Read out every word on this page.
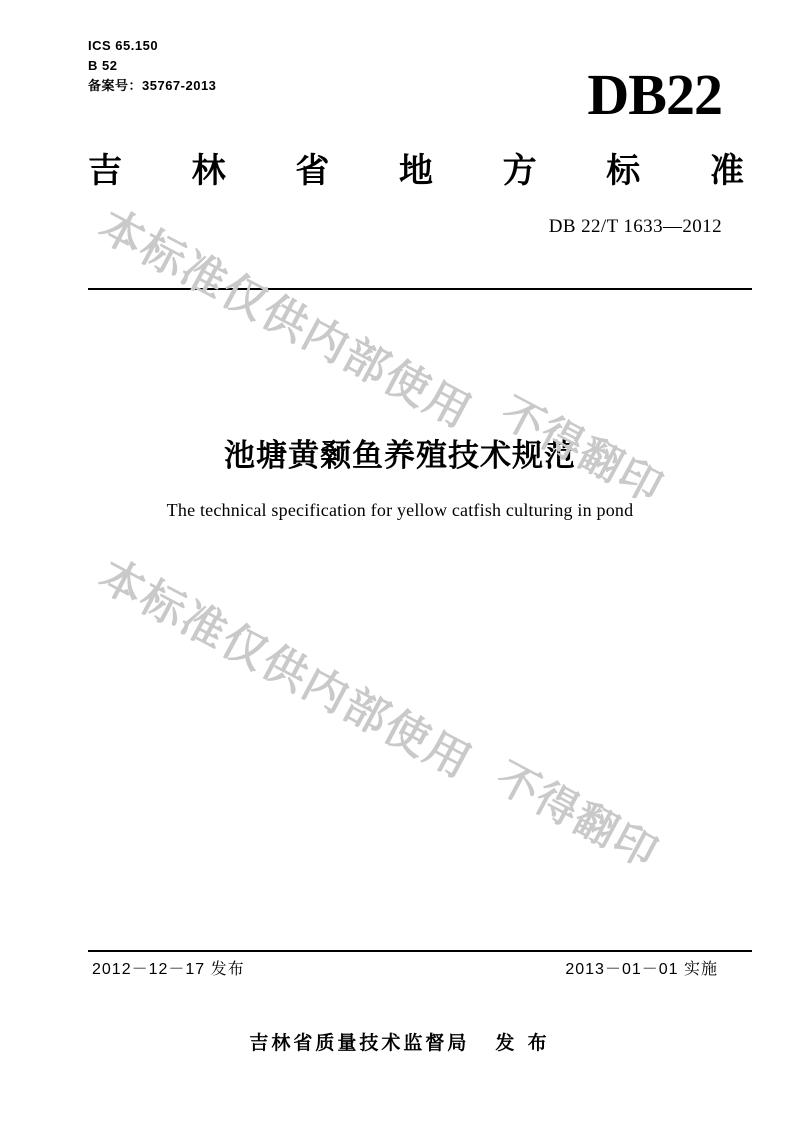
ICS 65.150
B 52
备案号：35767-2013	DB22
吉 林 省 地 方 标 准
DB 22/T 1633—2012
池塘黄颡鱼养殖技术规范
The technical specification for yellow catfish culturing in pond
本标准仅供内部使用
不得翻印
本标准仅供内部使用
不得翻印
2012－12－17 发布	2013－01－01 实施
吉林省质量技术监督局 发 布
